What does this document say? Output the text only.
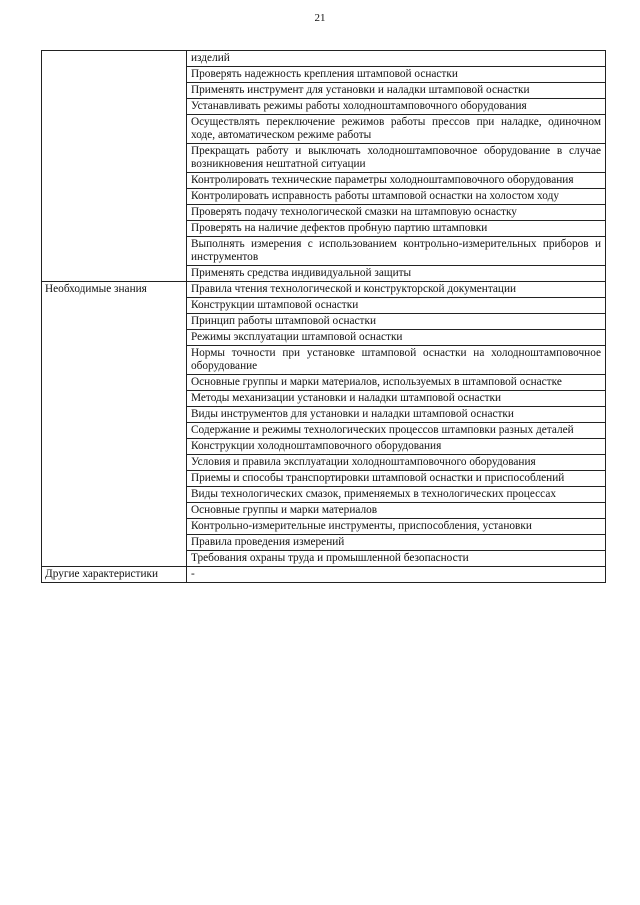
21
	изделий
	Проверять надежность крепления штамповой оснастки
	Применять инструмент для установки и наладки штамповой оснастки
	Устанавливать режимы работы холодноштамповочного оборудования
	Осуществлять переключение режимов работы прессов при наладке, одиночном ходе, автоматическом режиме работы
	Прекращать работу и выключать холодноштамповочное оборудование в случае возникновения нештатной ситуации
	Контролировать технические параметры холодноштамповочного оборудования
	Контролировать исправность работы штамповой оснастки на холостом ходу
	Проверять подачу технологической смазки на штамповую оснастку
	Проверять на наличие дефектов пробную партию штамповки
	Выполнять измерения с использованием контрольно-измерительных приборов и инструментов
	Применять средства индивидуальной защиты
Необходимые знания	Правила чтения технологической и конструкторской документации
	Конструкции штамповой оснастки
	Принцип работы штамповой оснастки
	Режимы эксплуатации штамповой оснастки
	Нормы точности при установке штамповой оснастки на холодноштамповочное оборудование
	Основные группы и марки материалов, используемых в штамповой оснастке
	Методы механизации установки и наладки штамповой оснастки
	Виды инструментов для установки и наладки штамповой оснастки
	Содержание и режимы технологических процессов штамповки разных деталей
	Конструкции холодноштамповочного оборудования
	Условия и правила эксплуатации холодноштамповочного оборудования
	Приемы и способы транспортировки штамповой оснастки и приспособлений
	Виды технологических смазок, применяемых в технологических процессах
	Основные группы и марки материалов
	Контрольно-измерительные инструменты, приспособления, установки
	Правила проведения измерений
	Требования охраны труда и промышленной безопасности
Другие характеристики	-
